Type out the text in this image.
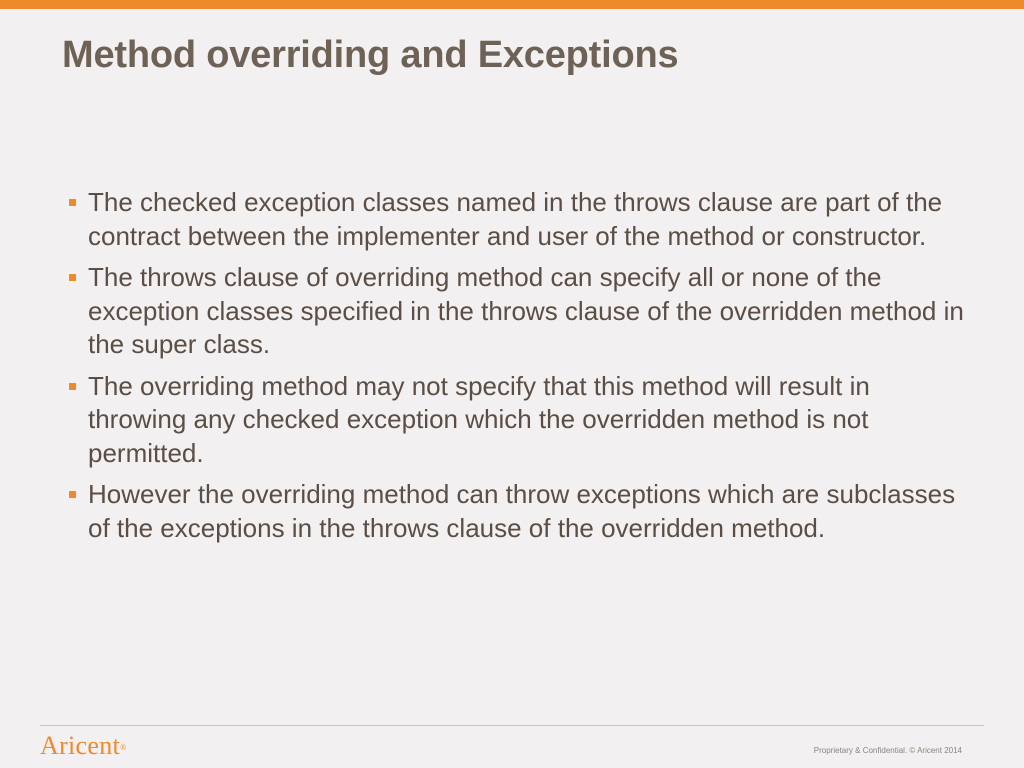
Method overriding and Exceptions
The checked exception classes named in the throws clause are part of the contract between the implementer and user of the method or constructor.
The throws clause of overriding method can specify all or none of the exception classes specified in the throws clause of the overridden method in the super class.
The overriding method may not specify that this method will result in throwing any checked exception which the overridden method is not permitted.
However the overriding method can throw exceptions which are subclasses of the exceptions in the throws clause of the overridden method.
Aricent®	Proprietary & Confidential. © Aricent 2014
